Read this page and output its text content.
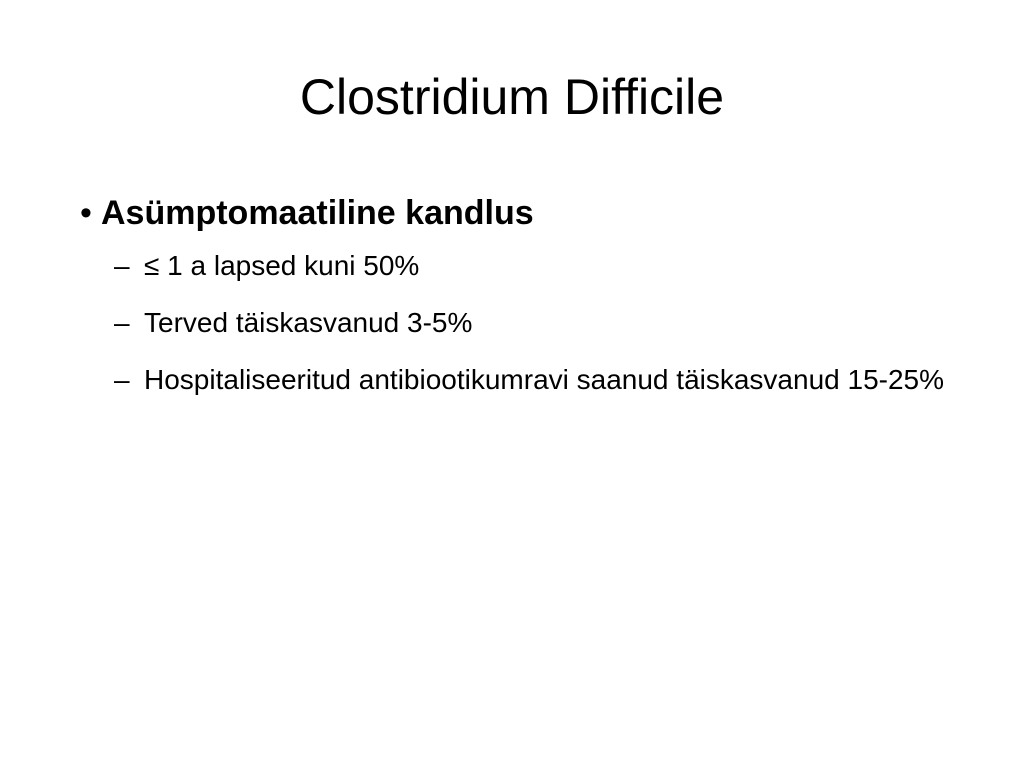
Clostridium Difficile
• Asümptomaatiline kandlus
– ≤ 1 a lapsed kuni 50%
– Terved täiskasvanud 3-5%
– Hospitaliseeritud antibiootikumravi saanud täiskasvanud 15-25%
